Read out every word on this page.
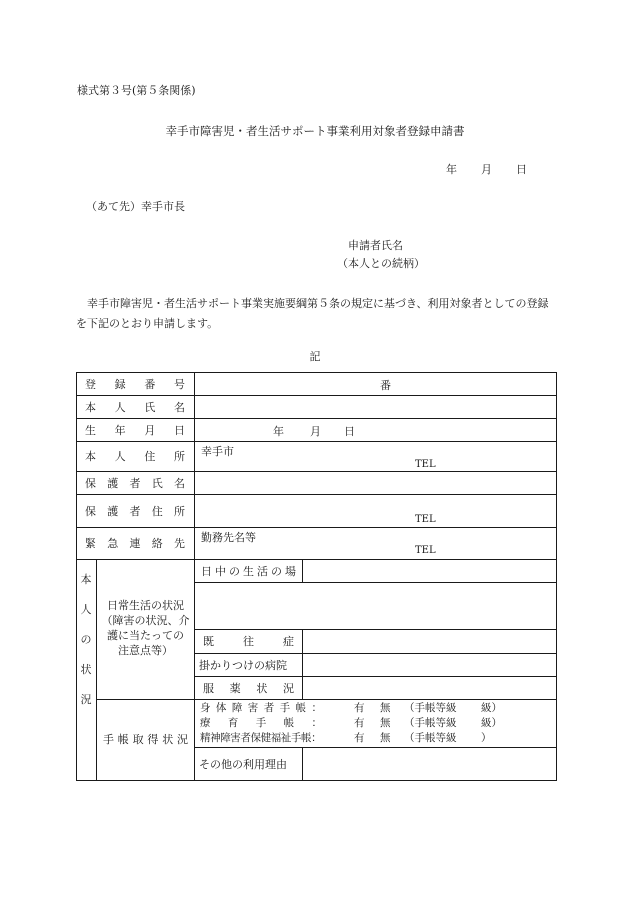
様式第３号(第５条関係)
幸手市障害児・者生活サポート事業利用対象者登録申請書
年 月 日
（あて先）幸手市長
申請者氏名
（本人との続柄）
幸手市障害児・者生活サポート事業実施要綱第５条の規定に基づき、利用対象者としての登録を下記のとおり申請します。
記
登 録 番 号	番
本 人 氏 名
生 年 月 日	年 月 日
本 人 住 所 幸手市
TEL
保 護 者 氏 名
保 護 者 住 所
TEL
緊 急 連 絡 先 勤務先名等
TEL
本
人
の
状
況
日常生活の状況
（障害の状況、介
護に当たっての
注意点等）
日 中 の 生 活 の 場
既	往	症
掛かりつけの病院
服 薬 状 況
手 帳 取 得 状 況
身 体 障 害 者 手 帳 ：	有 無 （手帳等級 級）
療 育 手 帳 ：	有 無 （手帳等級 級）
精神障害者保健福祉手帳：	有 無 （手帳等級 ）
その他の利用理由
